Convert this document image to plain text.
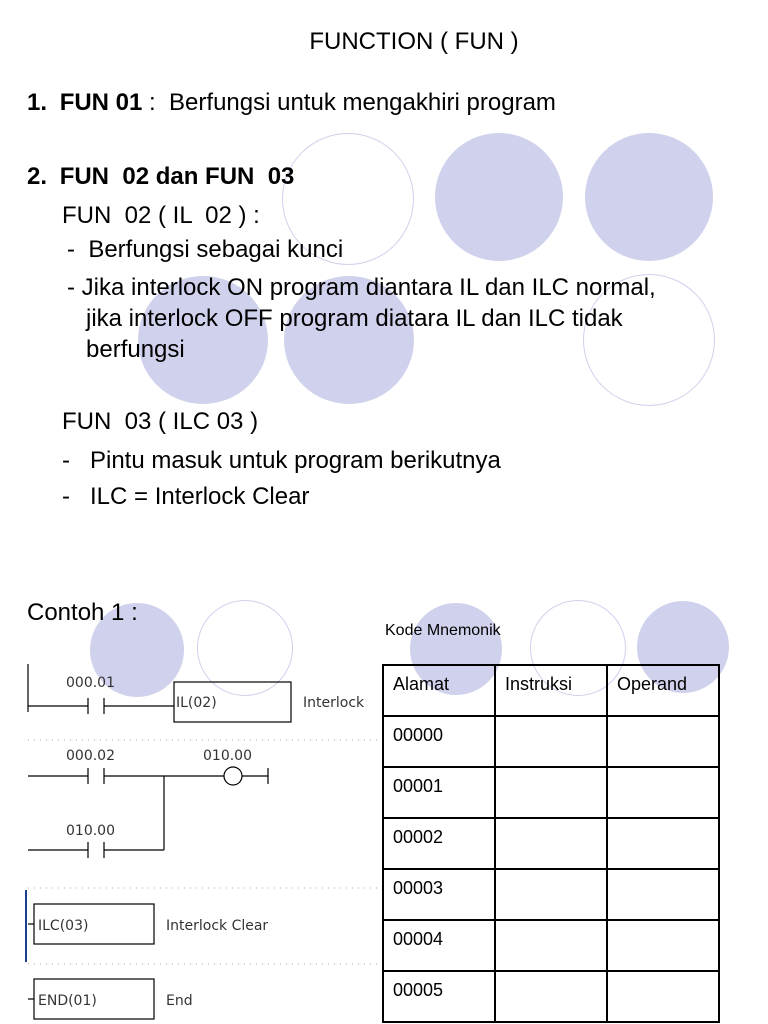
FUNCTION ( FUN )
1. FUN 01 :  Berfungsi untuk mengakhiri program
2. FUN  02 dan FUN  03
FUN  02 ( IL  02 ) :
-  Berfungsi sebagai kunci
- Jika interlock ON program diantara IL dan ILC normal,
jika interlock OFF program diatara IL dan ILC tidak
berfungsi
FUN  03 ( ILC 03 )
-   Pintu masuk untuk program berikutnya
-   ILC = Interlock Clear
Contoh 1 :
Kode Mnemonik
000.01
IL(02)	Interlock
000.02	010.00
010.00
ILC(03)	Interlock Clear
END(01)	End
Alamat	Instruksi	Operand
00000		
00001		
00002		
00003		
00004		
00005		
